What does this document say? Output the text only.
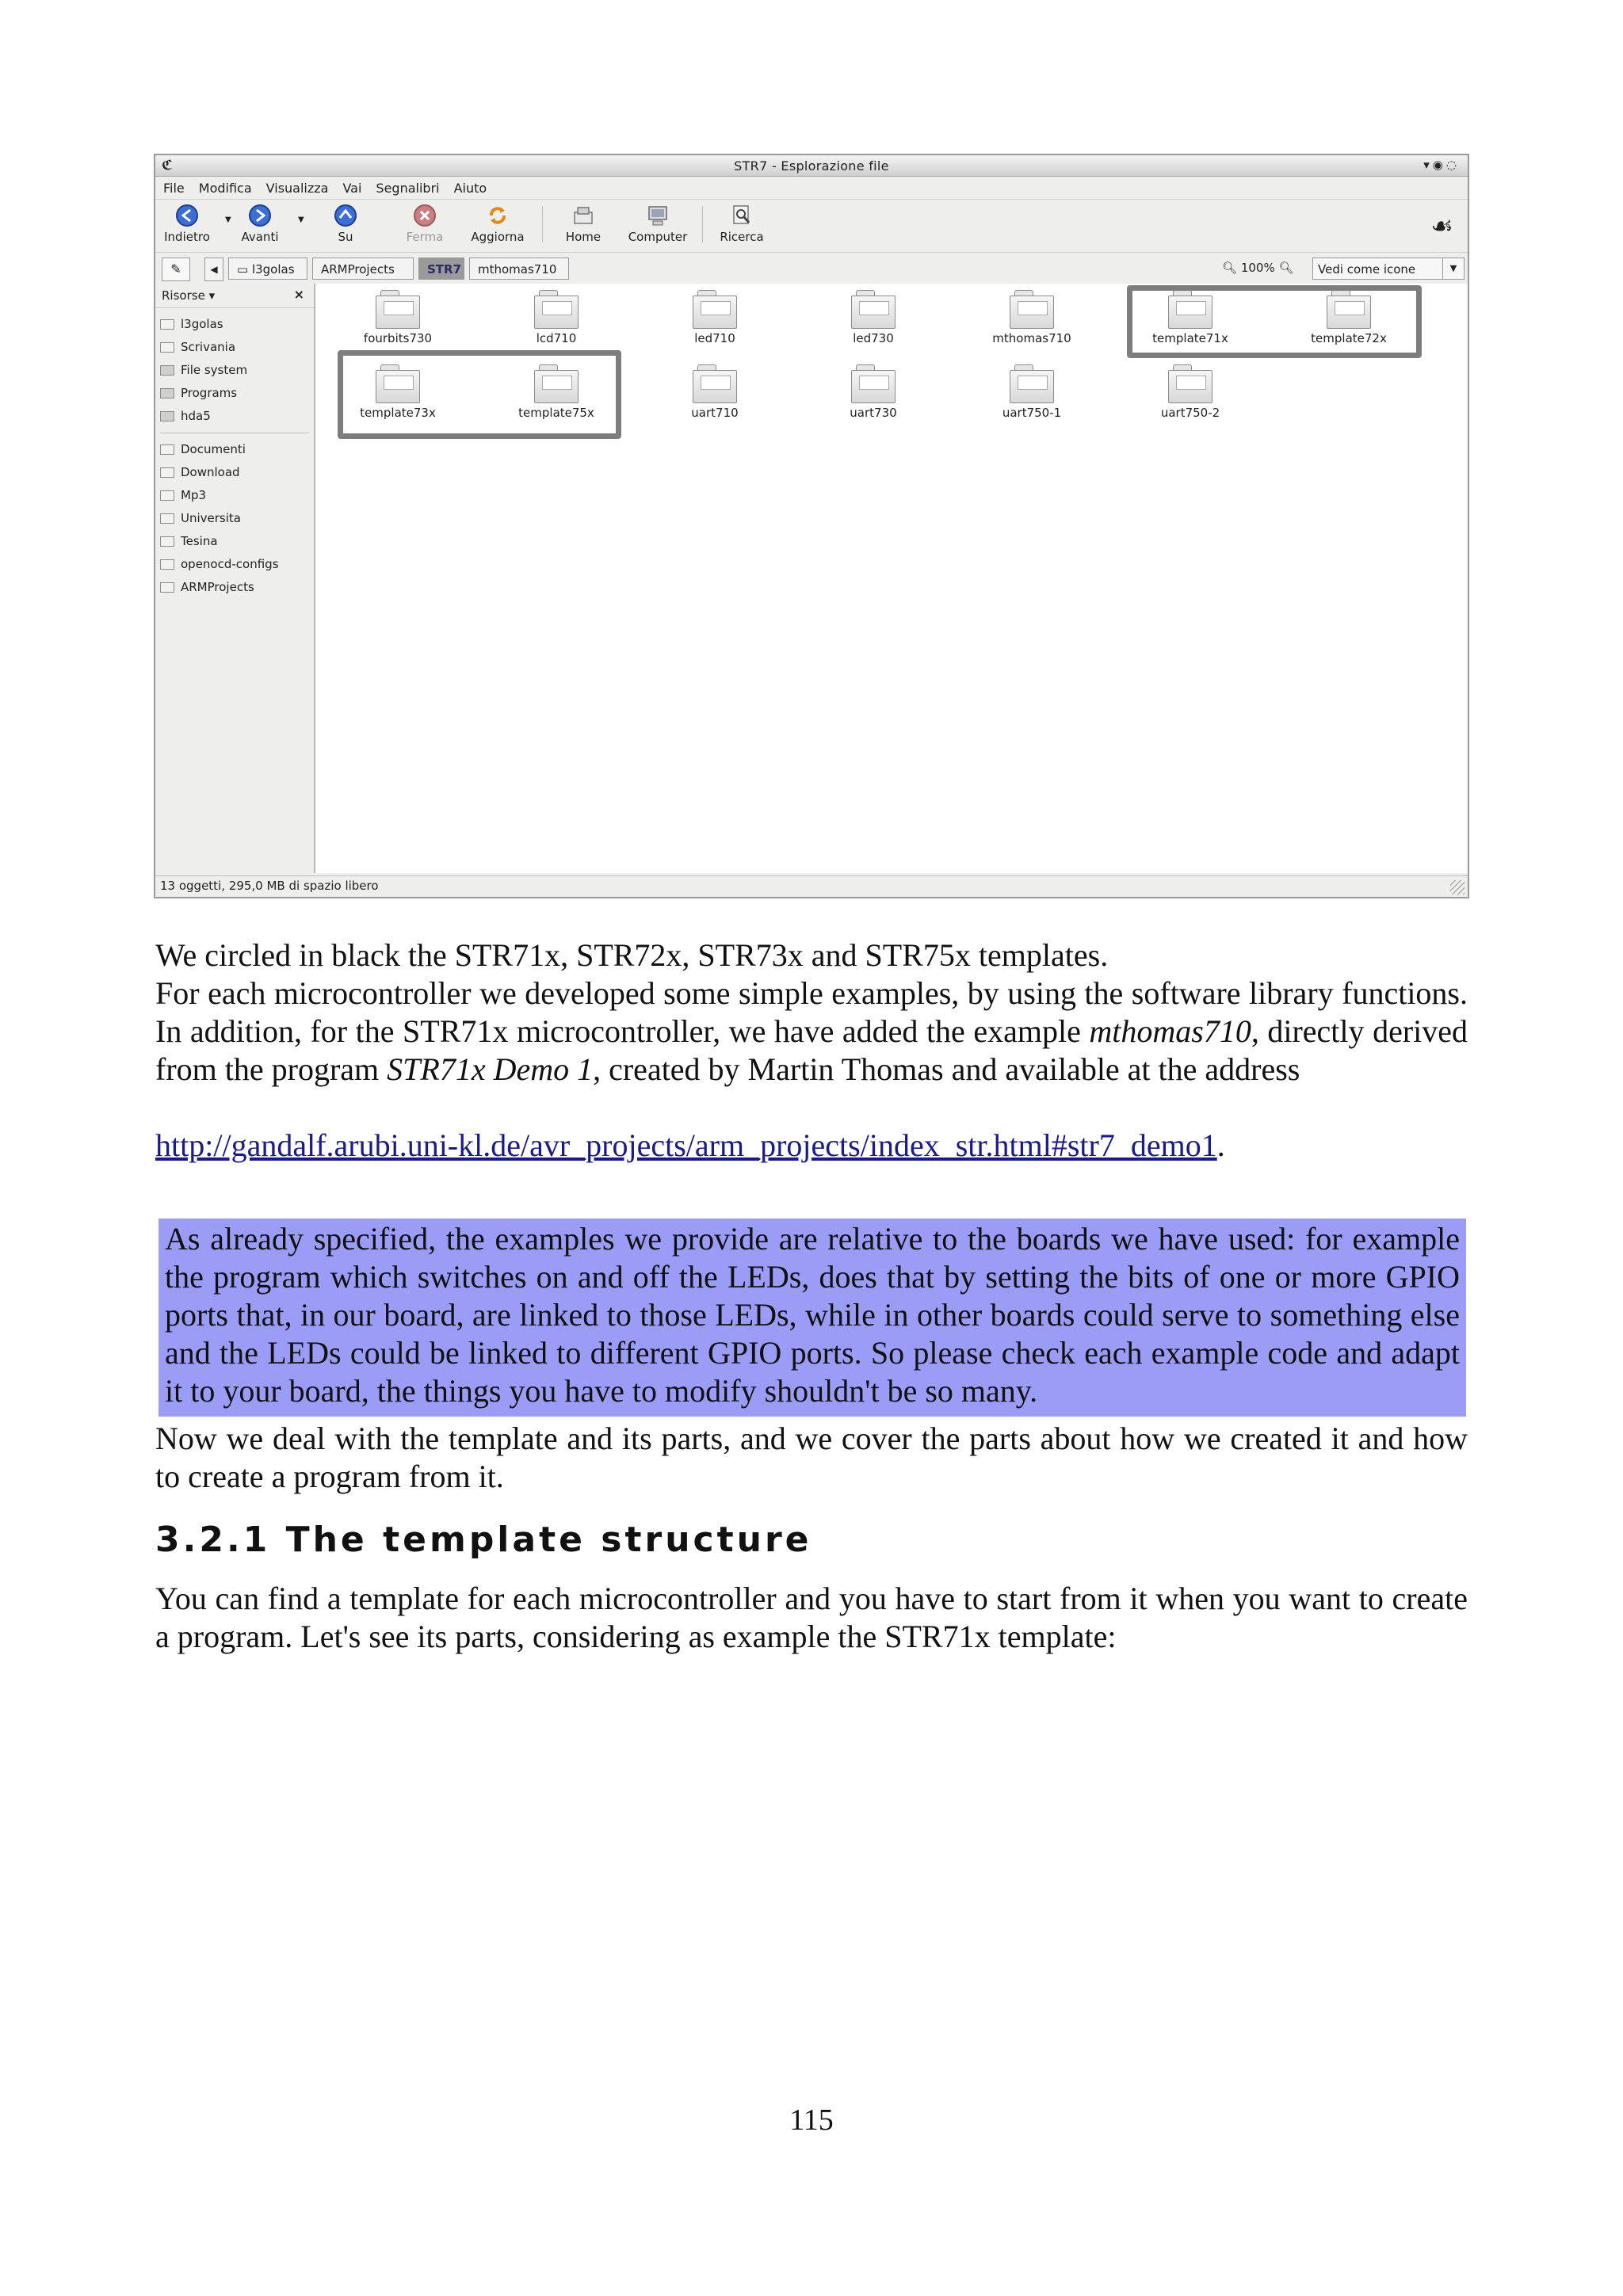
ℭ	STR7 - Esplorazione file	▾◉◌
File Modifica Visualizza Vai Segnalibri Aiuto
Indietro
▼
Avanti
▼
Su	Ferma	Aggiorna	Home	Computer	Ricerca	☙
✎	◀	▭ l3golas	ARMProjects	STR7	mthomas710	🔍︎ 100% 🔍︎	Vedi come icone	▼
Risorse ▾	×
l3golas
Scrivania
File system
Programs
hda5
Documenti
Download
Mp3
Universita
Tesina
openocd-configs
ARMProjects
fourbits730	lcd710	led710	led730	mthomas710	template71x	template72x
template73x	template75x	uart710	uart730	uart750-1	uart750-2
13 oggetti, 295,0 MB di spazio libero

We circled in black the STR71x, STR72x, STR73x and STR75x templates.

For each microcontroller we developed some simple examples, by using the software library functions. In addition, for the STR71x microcontroller, we have added the example mthomas710, directly derived from the program STR71x Demo 1, created by Martin Thomas and available at the address

http://gandalf.arubi.uni-kl.de/avr_projects/arm_projects/index_str.html#str7_demo1.

As already specified, the examples we provide are relative to the boards we have used: for example the program which switches on and off the LEDs, does that by setting the bits of one or more GPIO ports that, in our board, are linked to those LEDs, while in other boards could serve to something else and the LEDs could be linked to different GPIO ports. So please check each example code and adapt it to your board, the things you have to modify shouldn't be so many.

Now we deal with the template and its parts, and we cover the parts about how we created it and how to create a program from it.

3.2.1 The template structure

You can find a template for each microcontroller and you have to start from it when you want to create a program. Let's see its parts, considering as example the STR71x template:

115
